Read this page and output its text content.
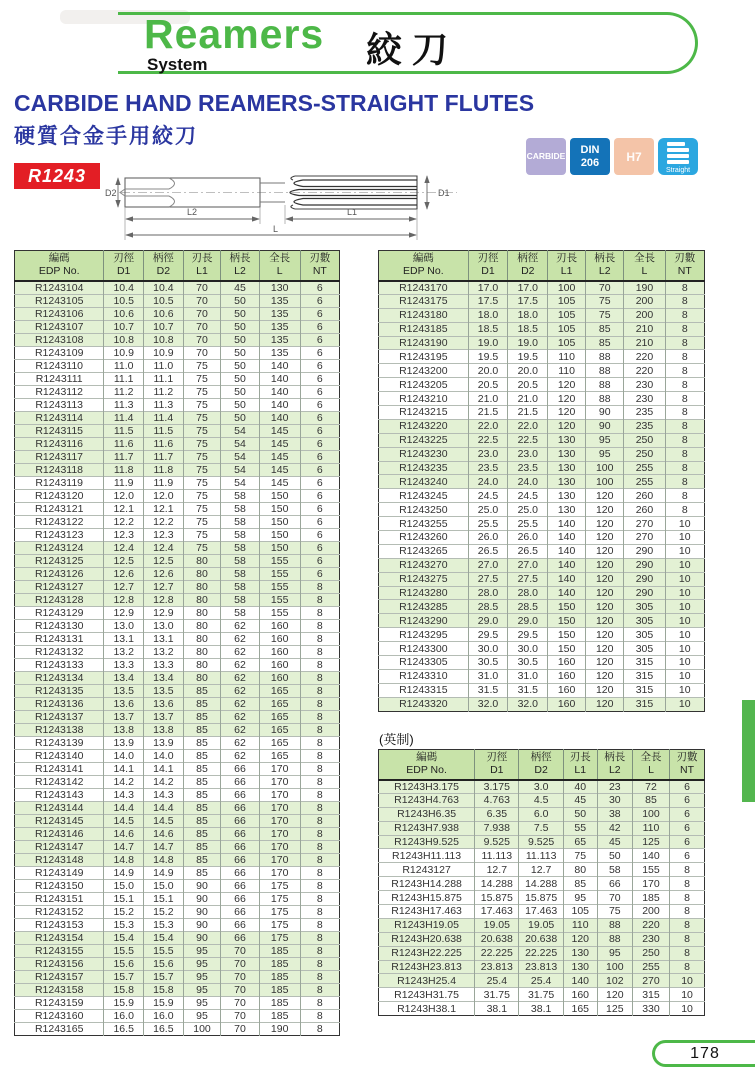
Reamers
System	絞刀
CARBIDE HAND REAMERS-STRAIGHT FLUTES
硬質合金手用絞刀
R1243
CARBIDE
DIN
206 H7
Straight
D2	D1
L2	L1
L
編碼
EDP No.

刃徑
D1

柄徑
D2

刃長
L1

柄長
L2

全長
L

刃數
NT

R1243104	10.4	10.4	70	45	130	6
R1243105	10.5	10.5	70	50	135	6
R1243106	10.6	10.6	70	50	135	6
R1243107	10.7	10.7	70	50	135	6
R1243108	10.8	10.8	70	50	135	6
R1243109	10.9	10.9	70	50	135	6
R1243110	11.0	11.0	75	50	140	6
R1243111	11.1	11.1	75	50	140	6
R1243112	11.2	11.2	75	50	140	6
R1243113	11.3	11.3	75	50	140	6
R1243114	11.4	11.4	75	50	140	6
R1243115	11.5	11.5	75	54	145	6
R1243116	11.6	11.6	75	54	145	6
R1243117	11.7	11.7	75	54	145	6
R1243118	11.8	11.8	75	54	145	6
R1243119	11.9	11.9	75	54	145	6
R1243120	12.0	12.0	75	58	150	6
R1243121	12.1	12.1	75	58	150	6
R1243122	12.2	12.2	75	58	150	6
R1243123	12.3	12.3	75	58	150	6
R1243124	12.4	12.4	75	58	150	6
R1243125	12.5	12.5	80	58	155	6
R1243126	12.6	12.6	80	58	155	6
R1243127	12.7	12.7	80	58	155	8
R1243128	12.8	12.8	80	58	155	8
R1243129	12.9	12.9	80	58	155	8
R1243130	13.0	13.0	80	62	160	8
R1243131	13.1	13.1	80	62	160	8
R1243132	13.2	13.2	80	62	160	8
R1243133	13.3	13.3	80	62	160	8
R1243134	13.4	13.4	80	62	160	8
R1243135	13.5	13.5	85	62	165	8
R1243136	13.6	13.6	85	62	165	8
R1243137	13.7	13.7	85	62	165	8
R1243138	13.8	13.8	85	62	165	8
R1243139	13.9	13.9	85	62	165	8
R1243140	14.0	14.0	85	62	165	8
R1243141	14.1	14.1	85	66	170	8
R1243142	14.2	14.2	85	66	170	8
R1243143	14.3	14.3	85	66	170	8
R1243144	14.4	14.4	85	66	170	8
R1243145	14.5	14.5	85	66	170	8
R1243146	14.6	14.6	85	66	170	8
R1243147	14.7	14.7	85	66	170	8
R1243148	14.8	14.8	85	66	170	8
R1243149	14.9	14.9	85	66	170	8
R1243150	15.0	15.0	90	66	175	8
R1243151	15.1	15.1	90	66	175	8
R1243152	15.2	15.2	90	66	175	8
R1243153	15.3	15.3	90	66	175	8
R1243154	15.4	15.4	90	66	175	8
R1243155	15.5	15.5	95	70	185	8
R1243156	15.6	15.6	95	70	185	8
R1243157	15.7	15.7	95	70	185	8
R1243158	15.8	15.8	95	70	185	8
R1243159	15.9	15.9	95	70	185	8
R1243160	16.0	16.0	95	70	185	8
R1243165	16.5	16.5	100	70	190	8
編碼
EDP No.

刃徑
D1

柄徑
D2

刃長
L1

柄長
L2

全長
L

刃數
NT

R1243170	17.0	17.0	100	70	190	8
R1243175	17.5	17.5	105	75	200	8
R1243180	18.0	18.0	105	75	200	8
R1243185	18.5	18.5	105	85	210	8
R1243190	19.0	19.0	105	85	210	8
R1243195	19.5	19.5	110	88	220	8
R1243200	20.0	20.0	110	88	220	8
R1243205	20.5	20.5	120	88	230	8
R1243210	21.0	21.0	120	88	230	8
R1243215	21.5	21.5	120	90	235	8
R1243220	22.0	22.0	120	90	235	8
R1243225	22.5	22.5	130	95	250	8
R1243230	23.0	23.0	130	95	250	8
R1243235	23.5	23.5	130	100	255	8
R1243240	24.0	24.0	130	100	255	8
R1243245	24.5	24.5	130	120	260	8
R1243250	25.0	25.0	130	120	260	8
R1243255	25.5	25.5	140	120	270	10
R1243260	26.0	26.0	140	120	270	10
R1243265	26.5	26.5	140	120	290	10
R1243270	27.0	27.0	140	120	290	10
R1243275	27.5	27.5	140	120	290	10
R1243280	28.0	28.0	140	120	290	10
R1243285	28.5	28.5	150	120	305	10
R1243290	29.0	29.0	150	120	305	10
R1243295	29.5	29.5	150	120	305	10
R1243300	30.0	30.0	150	120	305	10
R1243305	30.5	30.5	160	120	315	10
R1243310	31.0	31.0	160	120	315	10
R1243315	31.5	31.5	160	120	315	10
R1243320	32.0	32.0	160	120	315	10
(英制)
編碼
EDP No.

刃徑
D1

柄徑
D2

刃長
L1

柄長
L2

全長
L

刃數
NT

R1243H3.175	3.175	3.0	40	23	72	6
R1243H4.763	4.763	4.5	45	30	85	6
R1243H6.35	6.35	6.0	50	38	100	6
R1243H7.938	7.938	7.5	55	42	110	6
R1243H9.525	9.525	9.525	65	45	125	6
R1243H11.113	11.113	11.113	75	50	140	6
R1243127	12.7	12.7	80	58	155	8
R1243H14.288	14.288	14.288	85	66	170	8
R1243H15.875	15.875	15.875	95	70	185	8
R1243H17.463	17.463	17.463	105	75	200	8
R1243H19.05	19.05	19.05	110	88	220	8
R1243H20.638	20.638	20.638	120	88	230	8
R1243H22.225	22.225	22.225	130	95	250	8
R1243H23.813	23.813	23.813	130	100	255	8
R1243H25.4	25.4	25.4	140	102	270	10
R1243H31.75	31.75	31.75	160	120	315	10
R1243H38.1	38.1	38.1	165	125	330	10
178
